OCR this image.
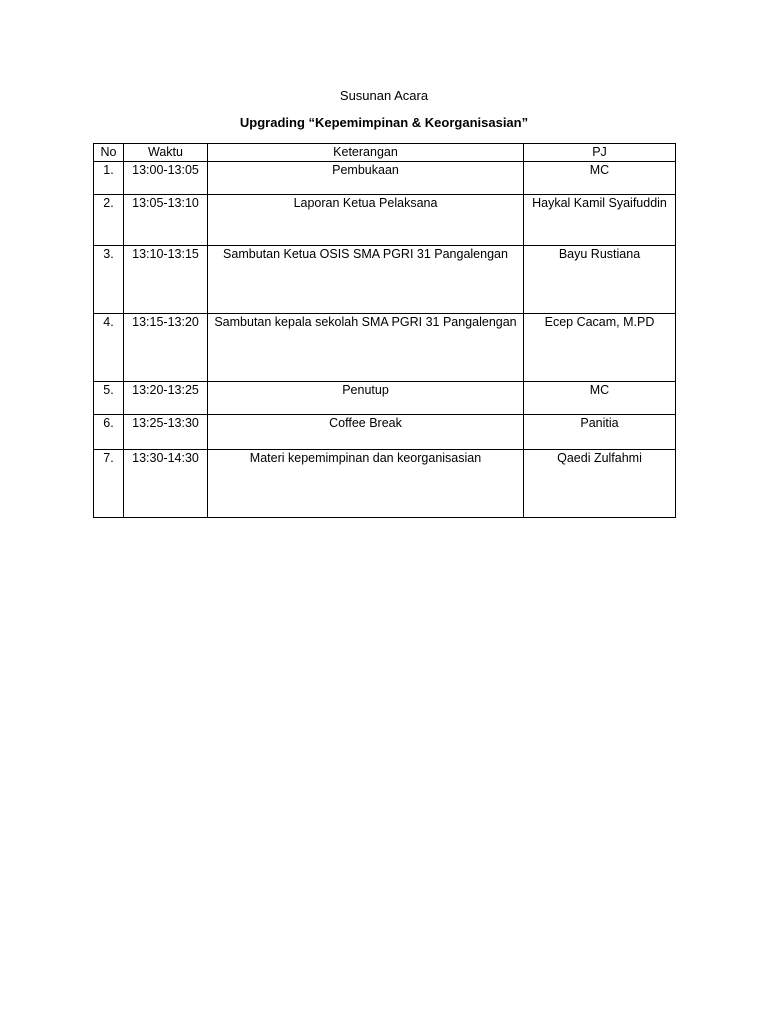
Susunan Acara
Upgrading “Kepemimpinan & Keorganisasian”
No	Waktu	Keterangan	PJ
1.	13:00-13:05	Pembukaan	MC
2.	13:05-13:10	Laporan Ketua Pelaksana	Haykal Kamil Syaifuddin
3.	13:10-13:15	Sambutan Ketua OSIS SMA PGRI 31 Pangalengan	Bayu Rustiana
4.	13:15-13:20	Sambutan kepala sekolah SMA PGRI 31 Pangalengan	Ecep Cacam, M.PD
5.	13:20-13:25	Penutup	MC
6.	13:25-13:30	Coffee Break	Panitia
7.	13:30-14:30	Materi kepemimpinan dan keorganisasian	Qaedi Zulfahmi
